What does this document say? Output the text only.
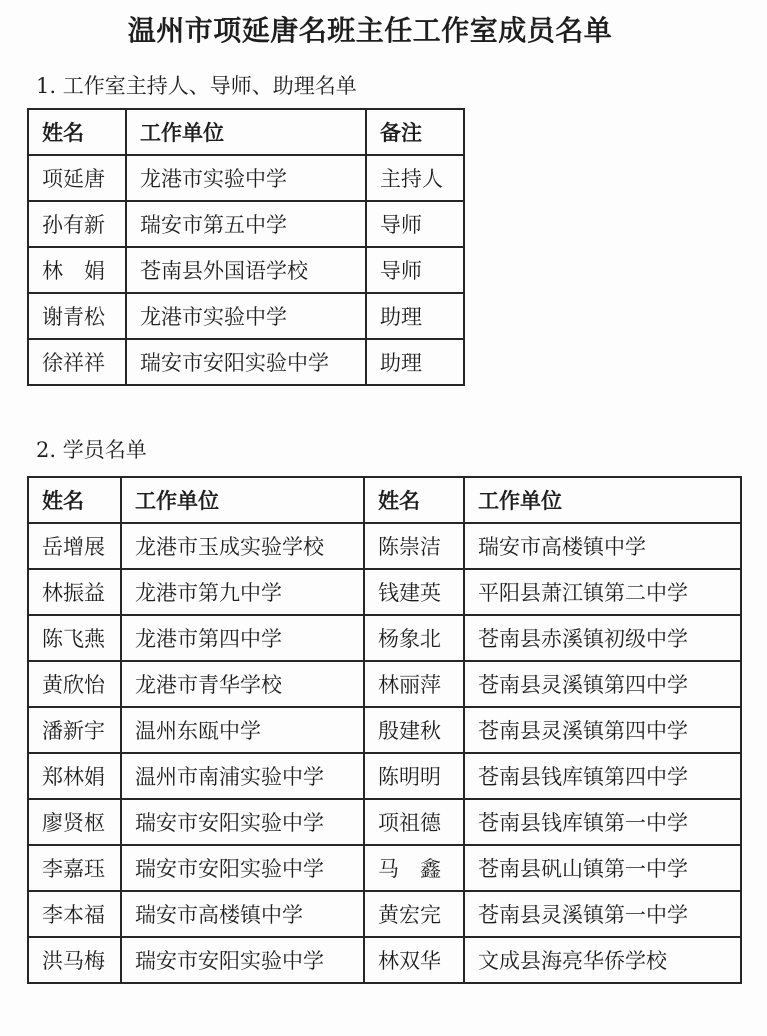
温州市项延唐名班主任工作室成员名单
1. 工作室主持人、导师、助理名单
姓名	工作单位	备注
项延唐	龙港市实验中学	主持人
孙有新	瑞安市第五中学	导师
林　娟	苍南县外国语学校	导师
谢青松	龙港市实验中学	助理
徐祥祥	瑞安市安阳实验中学	助理
2. 学员名单
姓名	工作单位	姓名	工作单位
岳增展	龙港市玉成实验学校	陈崇洁	瑞安市高楼镇中学
林振益	龙港市第九中学	钱建英	平阳县萧江镇第二中学
陈飞燕	龙港市第四中学	杨象北	苍南县赤溪镇初级中学
黄欣怡	龙港市青华学校	林丽萍	苍南县灵溪镇第四中学
潘新宇	温州东瓯中学	殷建秋	苍南县灵溪镇第四中学
郑林娟	温州市南浦实验中学	陈明明	苍南县钱库镇第四中学
廖贤枢	瑞安市安阳实验中学	项祖德	苍南县钱库镇第一中学
李嘉珏	瑞安市安阳实验中学	马　鑫	苍南县矾山镇第一中学
李本福	瑞安市高楼镇中学	黄宏完	苍南县灵溪镇第一中学
洪马梅	瑞安市安阳实验中学	林双华	文成县海亮华侨学校
